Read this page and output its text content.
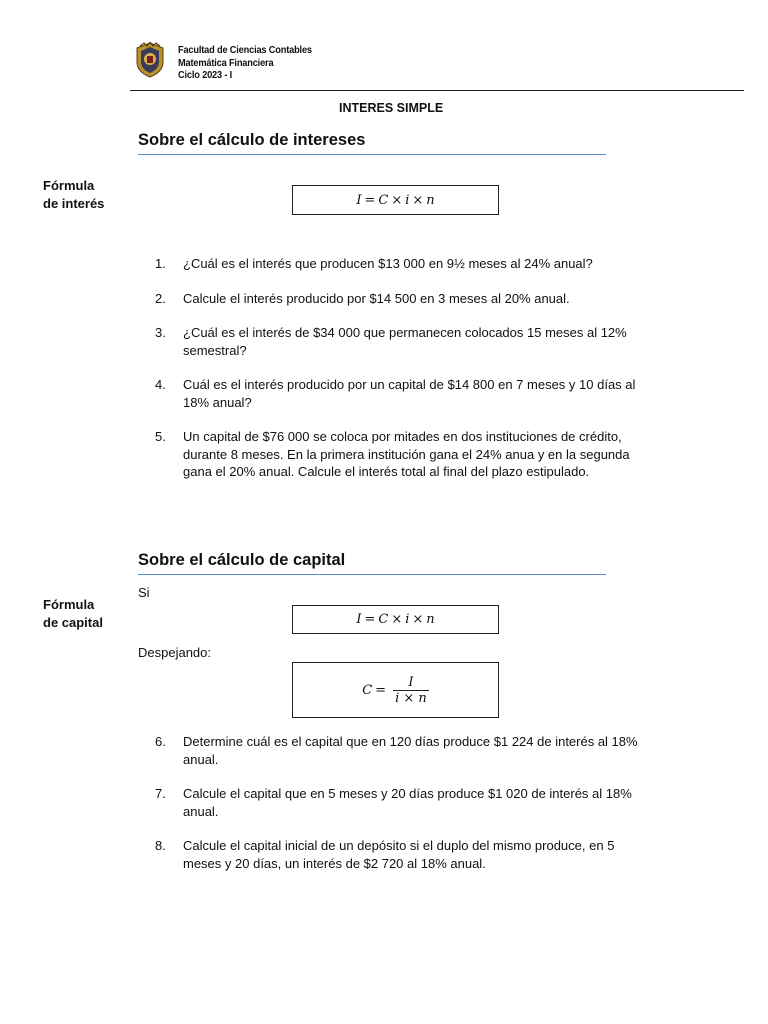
Facultad de Ciencias Contables
Matemática Financiera
Ciclo 2023 - I
INTERES SIMPLE
Sobre el cálculo de intereses
Fórmula
de interés	I = C × i × n
1.	¿Cuál es el interés que producen $13 000 en 9½ meses al 24% anual?
2.	Calcule el interés producido por $14 500 en 3 meses al 20% anual.
3.	¿Cuál es el interés de $34 000 que permanecen colocados 15 meses al 12% semestral?
4.	Cuál es el interés producido por un capital de $14 800 en 7 meses y 10 días al 18% anual?
5.	Un capital de $76 000 se coloca por mitades en dos instituciones de crédito, durante 8 meses. En la primera institución gana el 24% anua y en la segunda gana el 20% anual. Calcule el interés total al final del plazo estipulado.
Sobre el cálculo de capital
Si
Fórmula
de capital	I = C × i × n
Despejando:
$C = \frac{I}{i \times n}$
6.	Determine cuál es el capital que en 120 días produce $1 224 de interés al 18% anual.
7.	Calcule el capital que en 5 meses y 20 días produce $1 020 de interés al 18% anual.
8.	Calcule el capital inicial de un depósito si el duplo del mismo produce, en 5 meses y 20 días, un interés de $2 720 al 18% anual.
